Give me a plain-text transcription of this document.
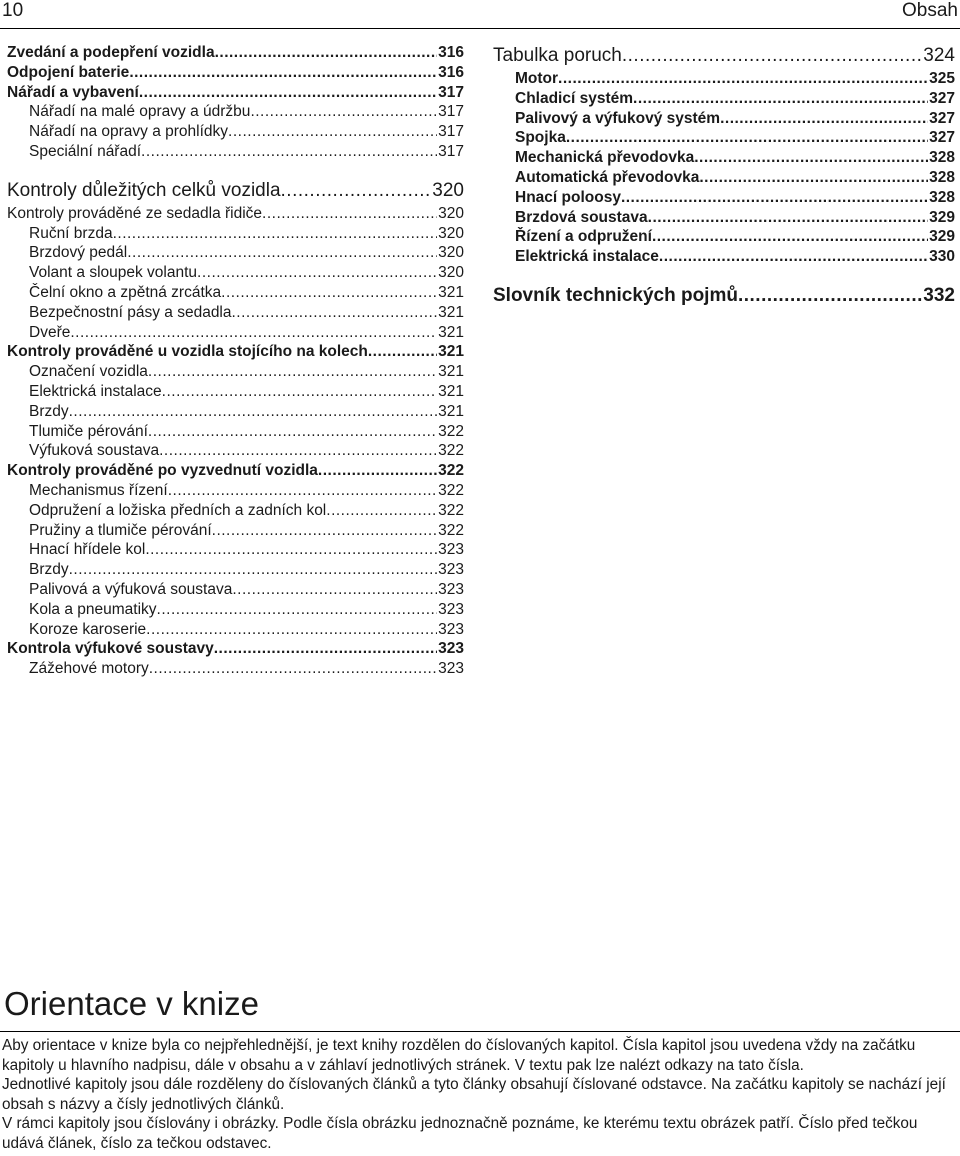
10	Obsah
Zvedání a podepření vozidla .....	316
Odpojení baterie .....	316
Nářadí a vybavení .....	317
Nářadí na malé opravy a údržbu .....	317
Nářadí na opravy a prohlídky .....	317
Speciální nářadí .....	317
Kontroly důležitých celků vozidla .....	320
Kontroly prováděné ze sedadla řidiče .....	320
Ruční brzda .....	320
Brzdový pedál .....	320
Volant a sloupek volantu .....	320
Čelní okno a zpětná zrcátka .....	321
Bezpečnostní pásy a sedadla .....	321
Dveře .....	321
Kontroly prováděné u vozidla stojícího na kolech .....	321
Označení vozidla .....	321
Elektrická instalace .....	321
Brzdy .....	321
Tlumiče pérování .....	322
Výfuková soustava .....	322
Kontroly prováděné po vyzvednutí vozidla .....	322
Mechanismus řízení .....	322
Odpružení a ložiska předních a zadních kol .....	322
Pružiny a tlumiče pérování .....	322
Hnací hřídele kol .....	323
Brzdy .....	323
Palivová a výfuková soustava .....	323
Kola a pneumatiky .....	323
Koroze karoserie .....	323
Kontrola výfukové soustavy .....	323
Zážehové motory .....	323
Tabulka poruch .....	324
Motor .....	325
Chladicí systém .....	327
Palivový a výfukový systém .....	327
Spojka .....	327
Mechanická převodovka .....	328
Automatická převodovka .....	328
Hnací poloosy .....	328
Brzdová soustava .....	329
Řízení a odpružení .....	329
Elektrická instalace .....	330
Slovník technických pojmů .....	332
Orientace v knize
Aby orientace v knize byla co nejpřehlednější, je text knihy rozdělen do číslovaných kapitol. Čísla kapitol jsou uvedena vždy na začátku kapitoly u hlavního nadpisu, dále v obsahu a v záhlaví jednotlivých stránek. V textu pak lze nalézt odkazy na tato čísla.
Jednotlivé kapitoly jsou dále rozděleny do číslovaných článků a tyto články obsahují číslované odstavce. Na začátku kapitoly se nachází její obsah s názvy a čísly jednotlivých článků.
V rámci kapitoly jsou číslovány i obrázky. Podle čísla obrázku jednoznačně poznáme, ke kterému textu obrázek patří. Číslo před tečkou udává článek, číslo za tečkou odstavec.
